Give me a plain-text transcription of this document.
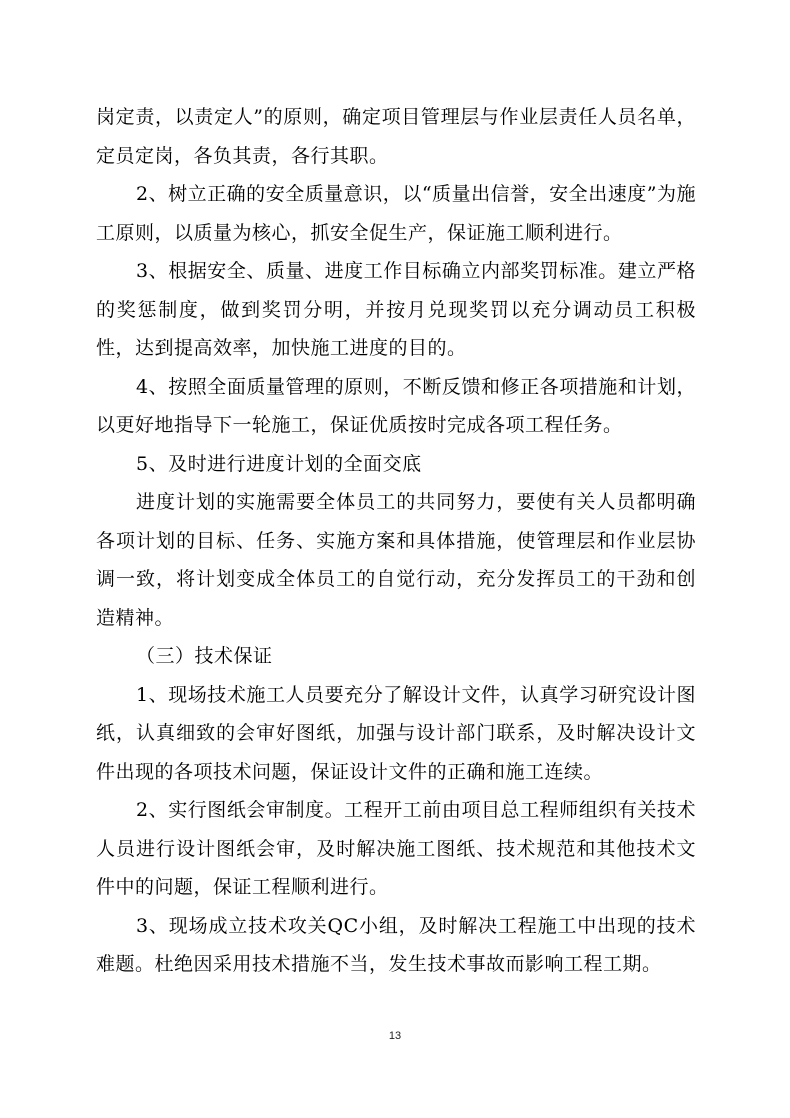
岗定责，以责定人”的原则，确定项目管理层与作业层责任人员名单，定员定岗，各负其责，各行其职。

2、树立正确的安全质量意识，以“质量出信誉，安全出速度”为施工原则，以质量为核心，抓安全促生产，保证施工顺利进行。

3、根据安全、质量、进度工作目标确立内部奖罚标准。建立严格的奖惩制度，做到奖罚分明，并按月兑现奖罚以充分调动员工积极性，达到提高效率，加快施工进度的目的。

4、按照全面质量管理的原则，不断反馈和修正各项措施和计划，以更好地指导下一轮施工，保证优质按时完成各项工程任务。

5、及时进行进度计划的全面交底

进度计划的实施需要全体员工的共同努力，要使有关人员都明确各项计划的目标、任务、实施方案和具体措施，使管理层和作业层协调一致，将计划变成全体员工的自觉行动，充分发挥员工的干劲和创造精神。

（三）技术保证

1、现场技术施工人员要充分了解设计文件，认真学习研究设计图纸，认真细致的会审好图纸，加强与设计部门联系，及时解决设计文件出现的各项技术问题，保证设计文件的正确和施工连续。

2、实行图纸会审制度。工程开工前由项目总工程师组织有关技术人员进行设计图纸会审，及时解决施工图纸、技术规范和其他技术文件中的问题，保证工程顺利进行。

3、现场成立技术攻关QC小组，及时解决工程施工中出现的技术难题。杜绝因采用技术措施不当，发生技术事故而影响工程工期。

13
